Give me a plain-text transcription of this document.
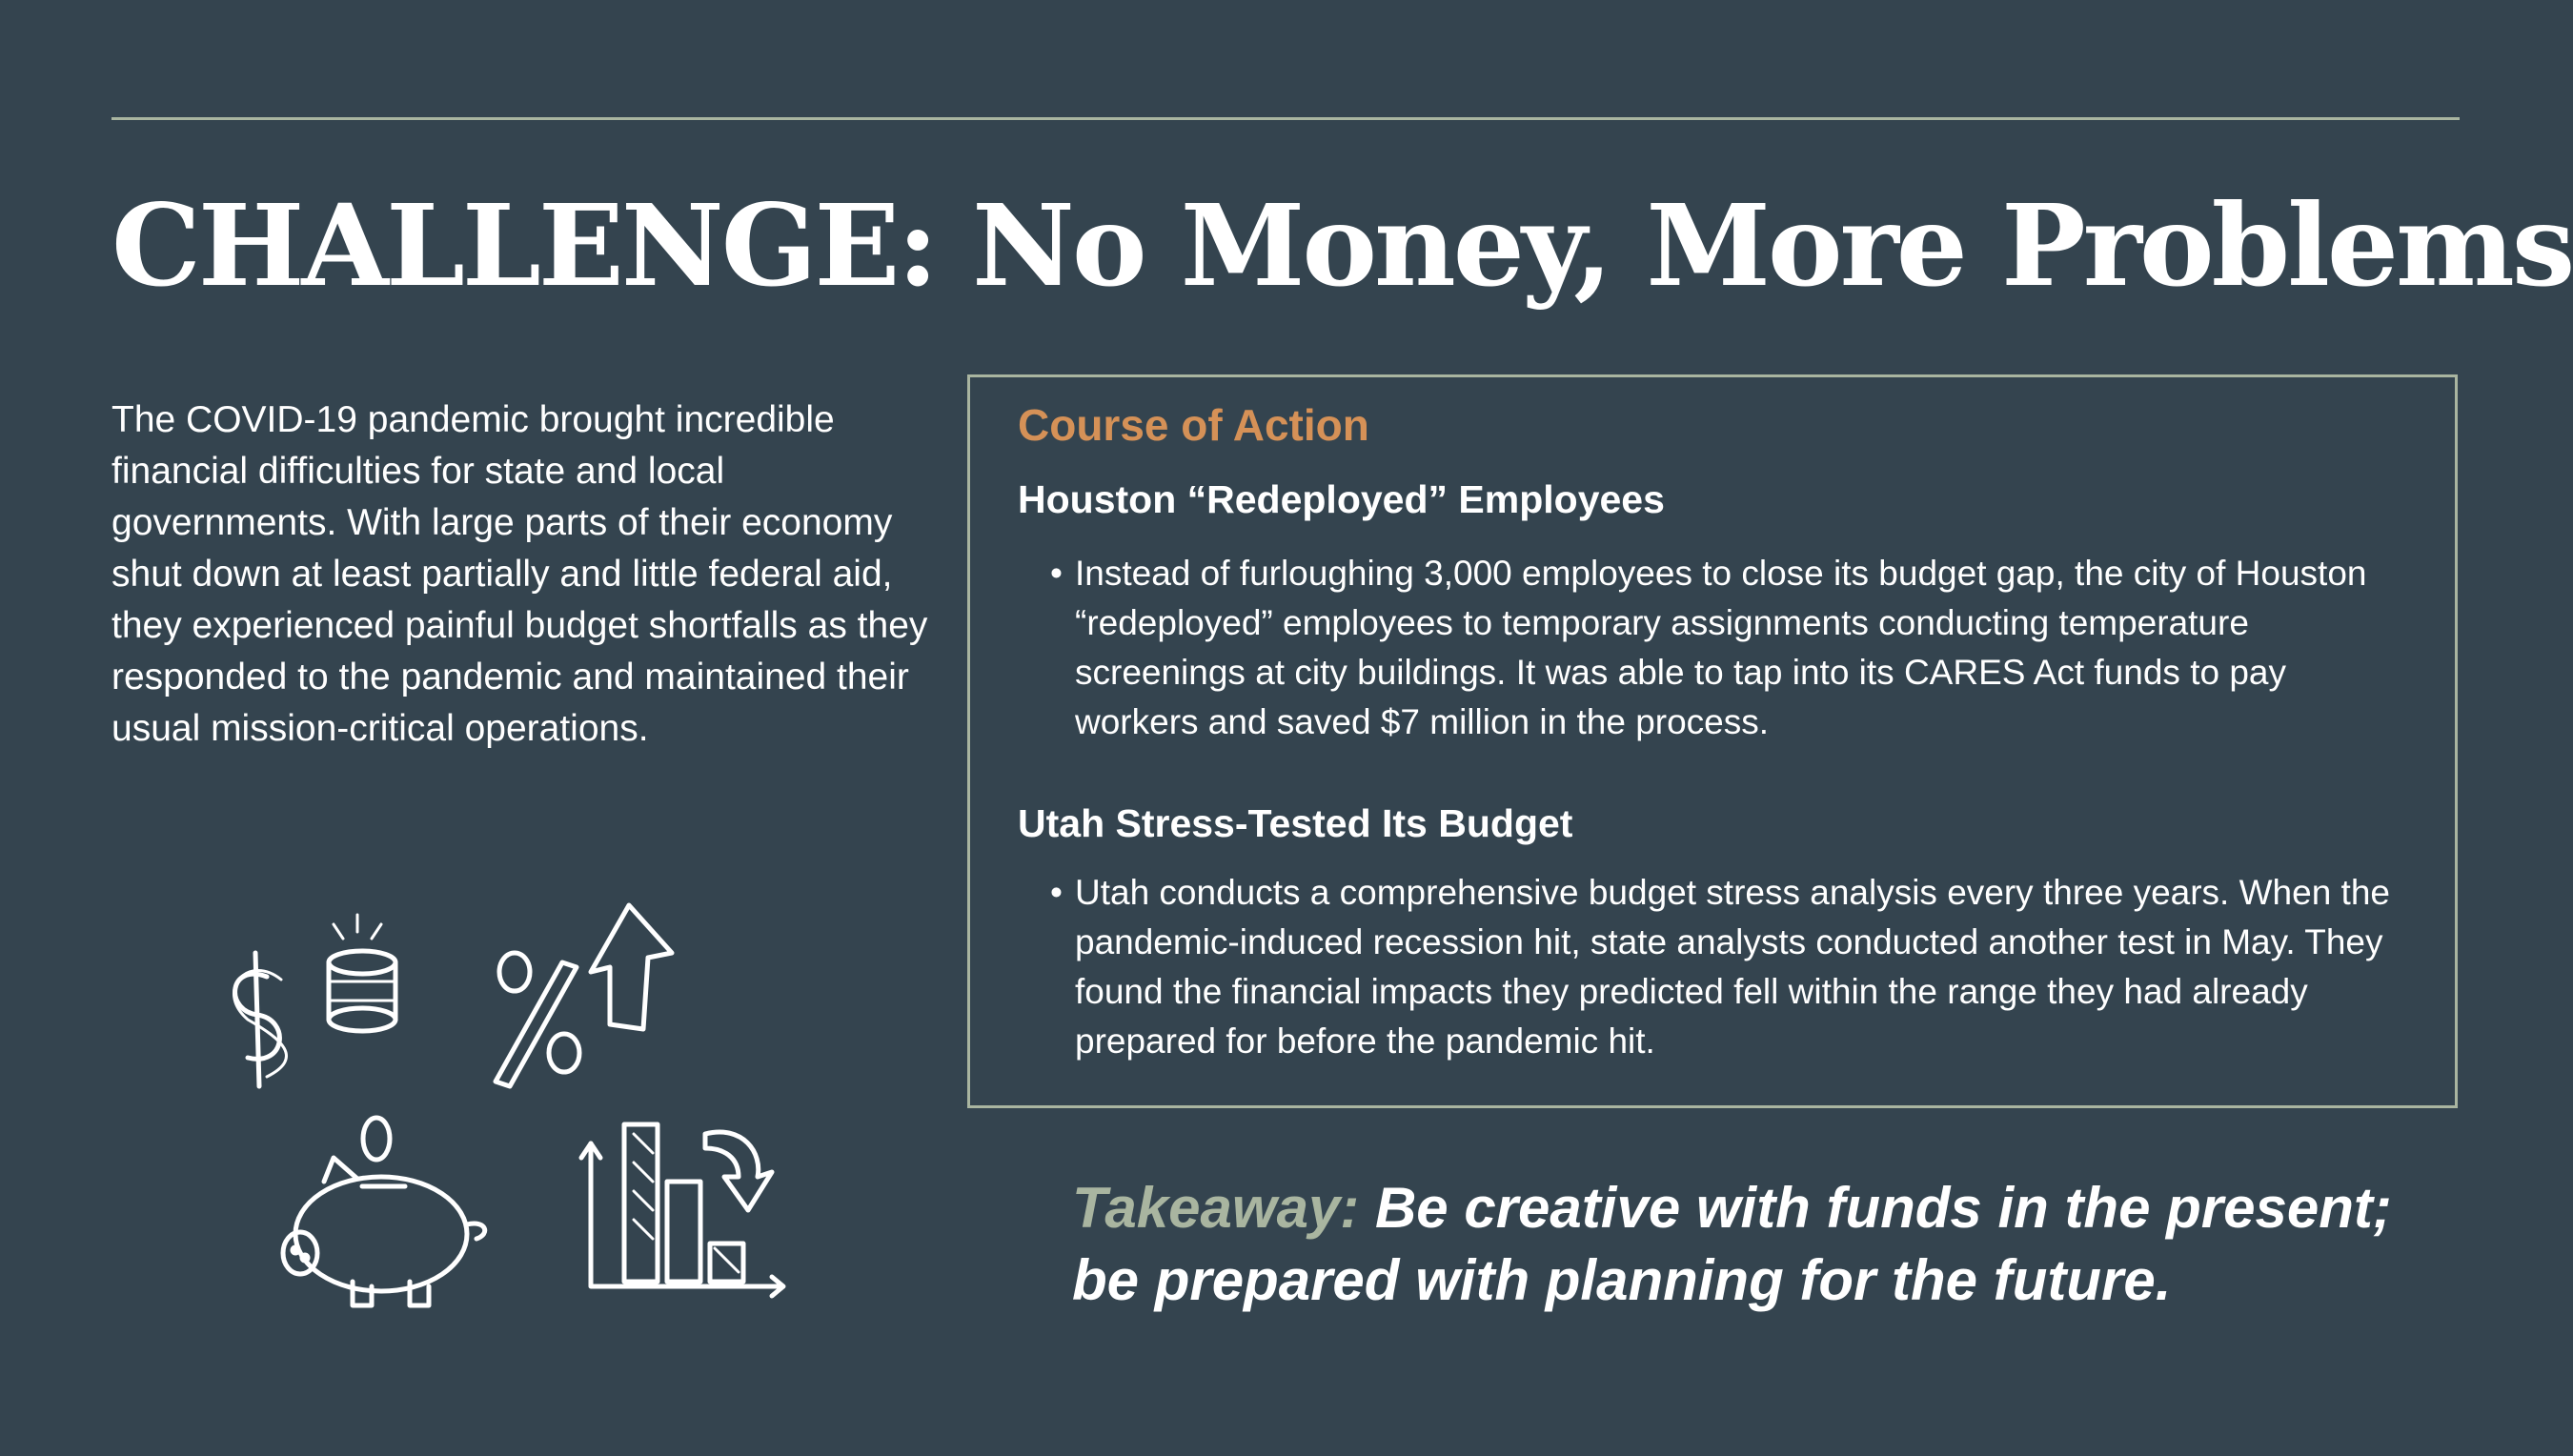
CHALLENGE: No Money, More Problems

The COVID-19 pandemic brought incredible financial difficulties for state and local governments. With large parts of their economy shut down at least partially and little federal aid, they experienced painful budget shortfalls as they responded to the pandemic and maintained their usual mission-critical operations.

Course of Action
Houston “Redeployed” Employees
• Instead of furloughing 3,000 employees to close its budget gap, the city of Houston “redeployed” employees to temporary assignments conducting temperature screenings at city buildings. It was able to tap into its CARES Act funds to pay workers and saved $7 million in the process.

Utah Stress-Tested Its Budget
• Utah conducts a comprehensive budget stress analysis every three years. When the pandemic-induced recession hit, state analysts conducted another test in May. They found the financial impacts they predicted fell within the range they had already prepared for before the pandemic hit.

Takeaway: Be creative with funds in the present;
be prepared with planning for the future.
